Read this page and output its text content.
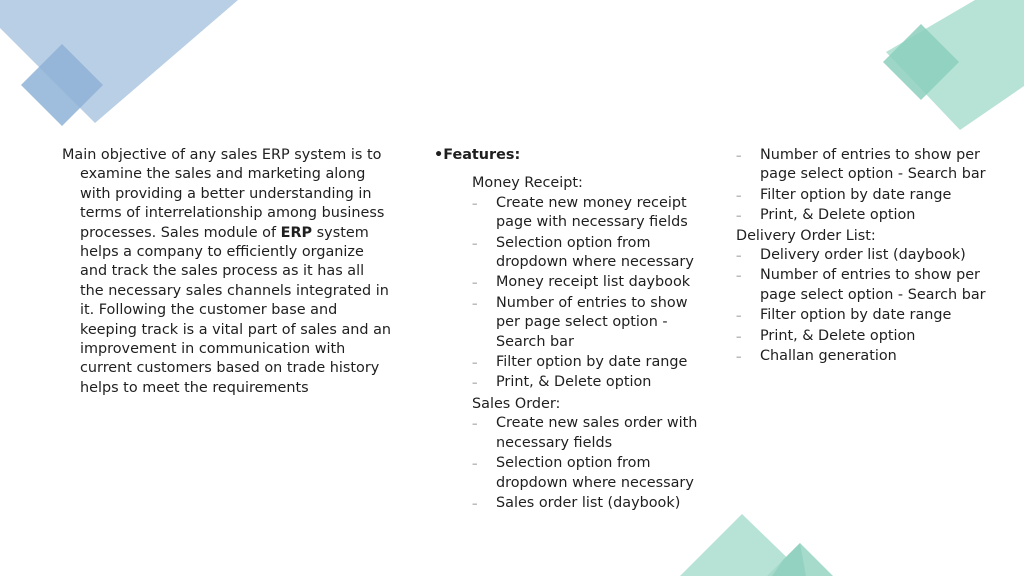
Main objective of any sales ERP system is to examine the sales and marketing along with providing a better understanding in terms of interrelationship among business processes. Sales module of ERP system helps a company to efficiently organize and track the sales process as it has all the necessary sales channels integrated in it. Following the customer base and keeping track is a vital part of sales and an improvement in communication with current customers based on trade history helps to meet the requirements

•Features:

Money Receipt:

– Create new money receipt page with necessary fields
– Selection option from dropdown where necessary
– Money receipt list daybook
– Number of entries to show per page select option - Search bar
– Filter option by date range
– Print, & Delete option

Sales Order:

– Create new sales order with necessary fields
– Selection option from dropdown where necessary
– Sales order list (daybook)
– Number of entries to show per page select option - Search bar
– Filter option by date range
– Print, & Delete option

Delivery Order List:

– Delivery order list (daybook)
– Number of entries to show per page select option - Search bar
– Filter option by date range
– Print, & Delete option
– Challan generation
